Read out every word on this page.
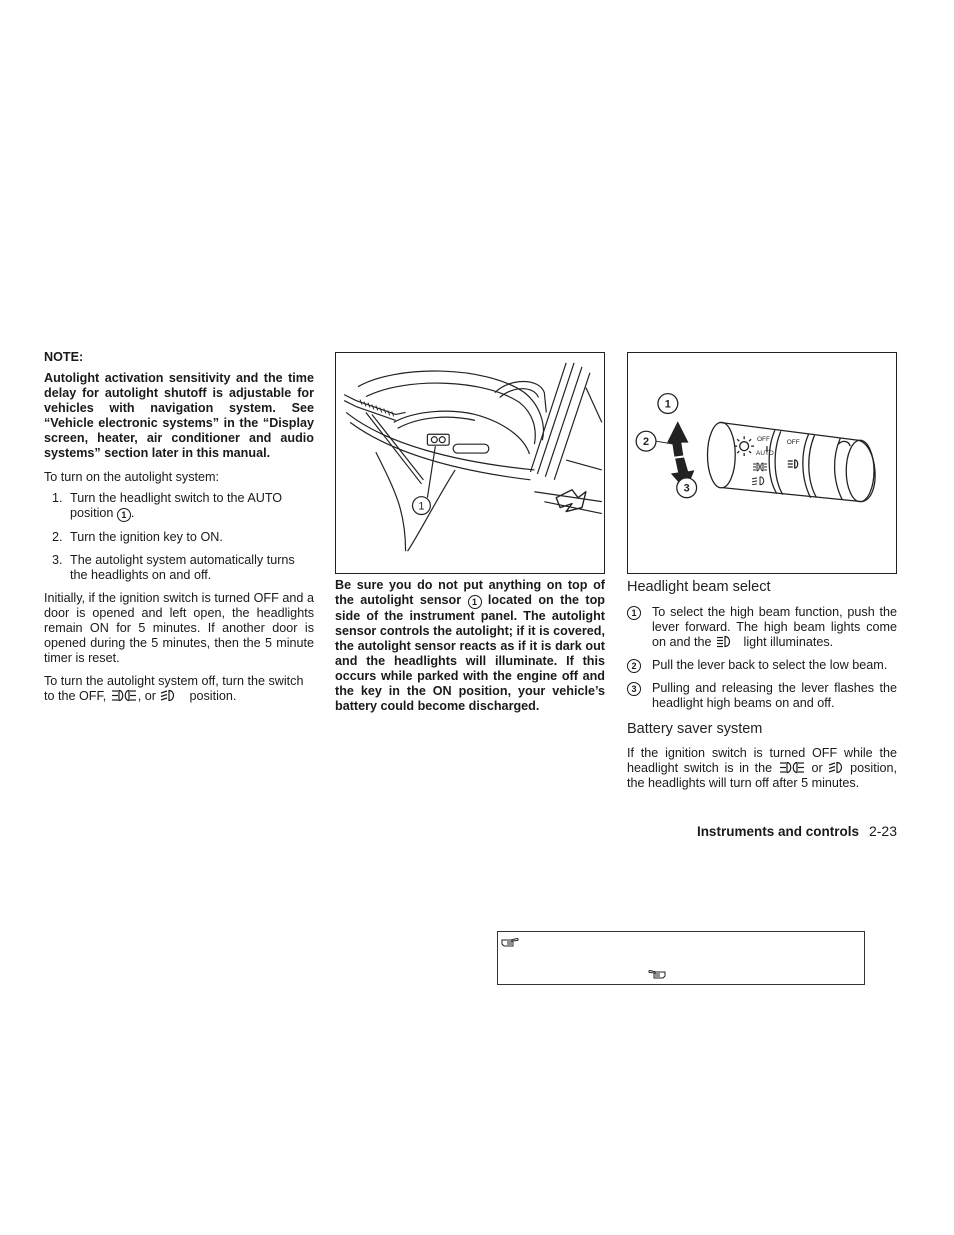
NOTE:

Autolight activation sensitivity and the time delay for autolight shutoff is adjustable for vehicles with navigation system. See “Vehicle electronic systems” in the “Display screen, heater, air conditioner and audio systems” section later in this manual.

To turn on the autolight system:

1. Turn the headlight switch to the AUTO position 1 .
2. Turn the ignition key to ON.
3. The autolight system automatically turns the headlights on and off.

Initially, if the ignition switch is turned OFF and a door is opened and left open, the headlights remain ON for 5 minutes. If another door is opened during the 5 minutes, then the 5 minute timer is reset.

To turn the autolight system off, turn the switch to the OFF,	, or	position.

1

Be sure you do not put anything on top of the autolight sensor 1 located on the top side of the instrument panel. The autolight sensor controls the autolight; if it is covered, the autolight sensor reacts as if it is dark out and the headlights will illuminate. If this occurs while parked with the engine off and the key in the ON position, your vehicle’s battery could become discharged.

OFF
AUTO
OFF
1
2
3

Headlight beam select

1	To select the high beam function, push the lever forward. The high beam lights come on and the	light illuminates.
2	Pull the lever back to select the low beam.
3	Pulling and releasing the lever flashes the headlight high beams on and off.

Battery saver system

If the ignition switch is turned OFF while the headlight switch is in the	or position, the headlights will turn off after 5 minutes.

Instruments and controls 2-23
